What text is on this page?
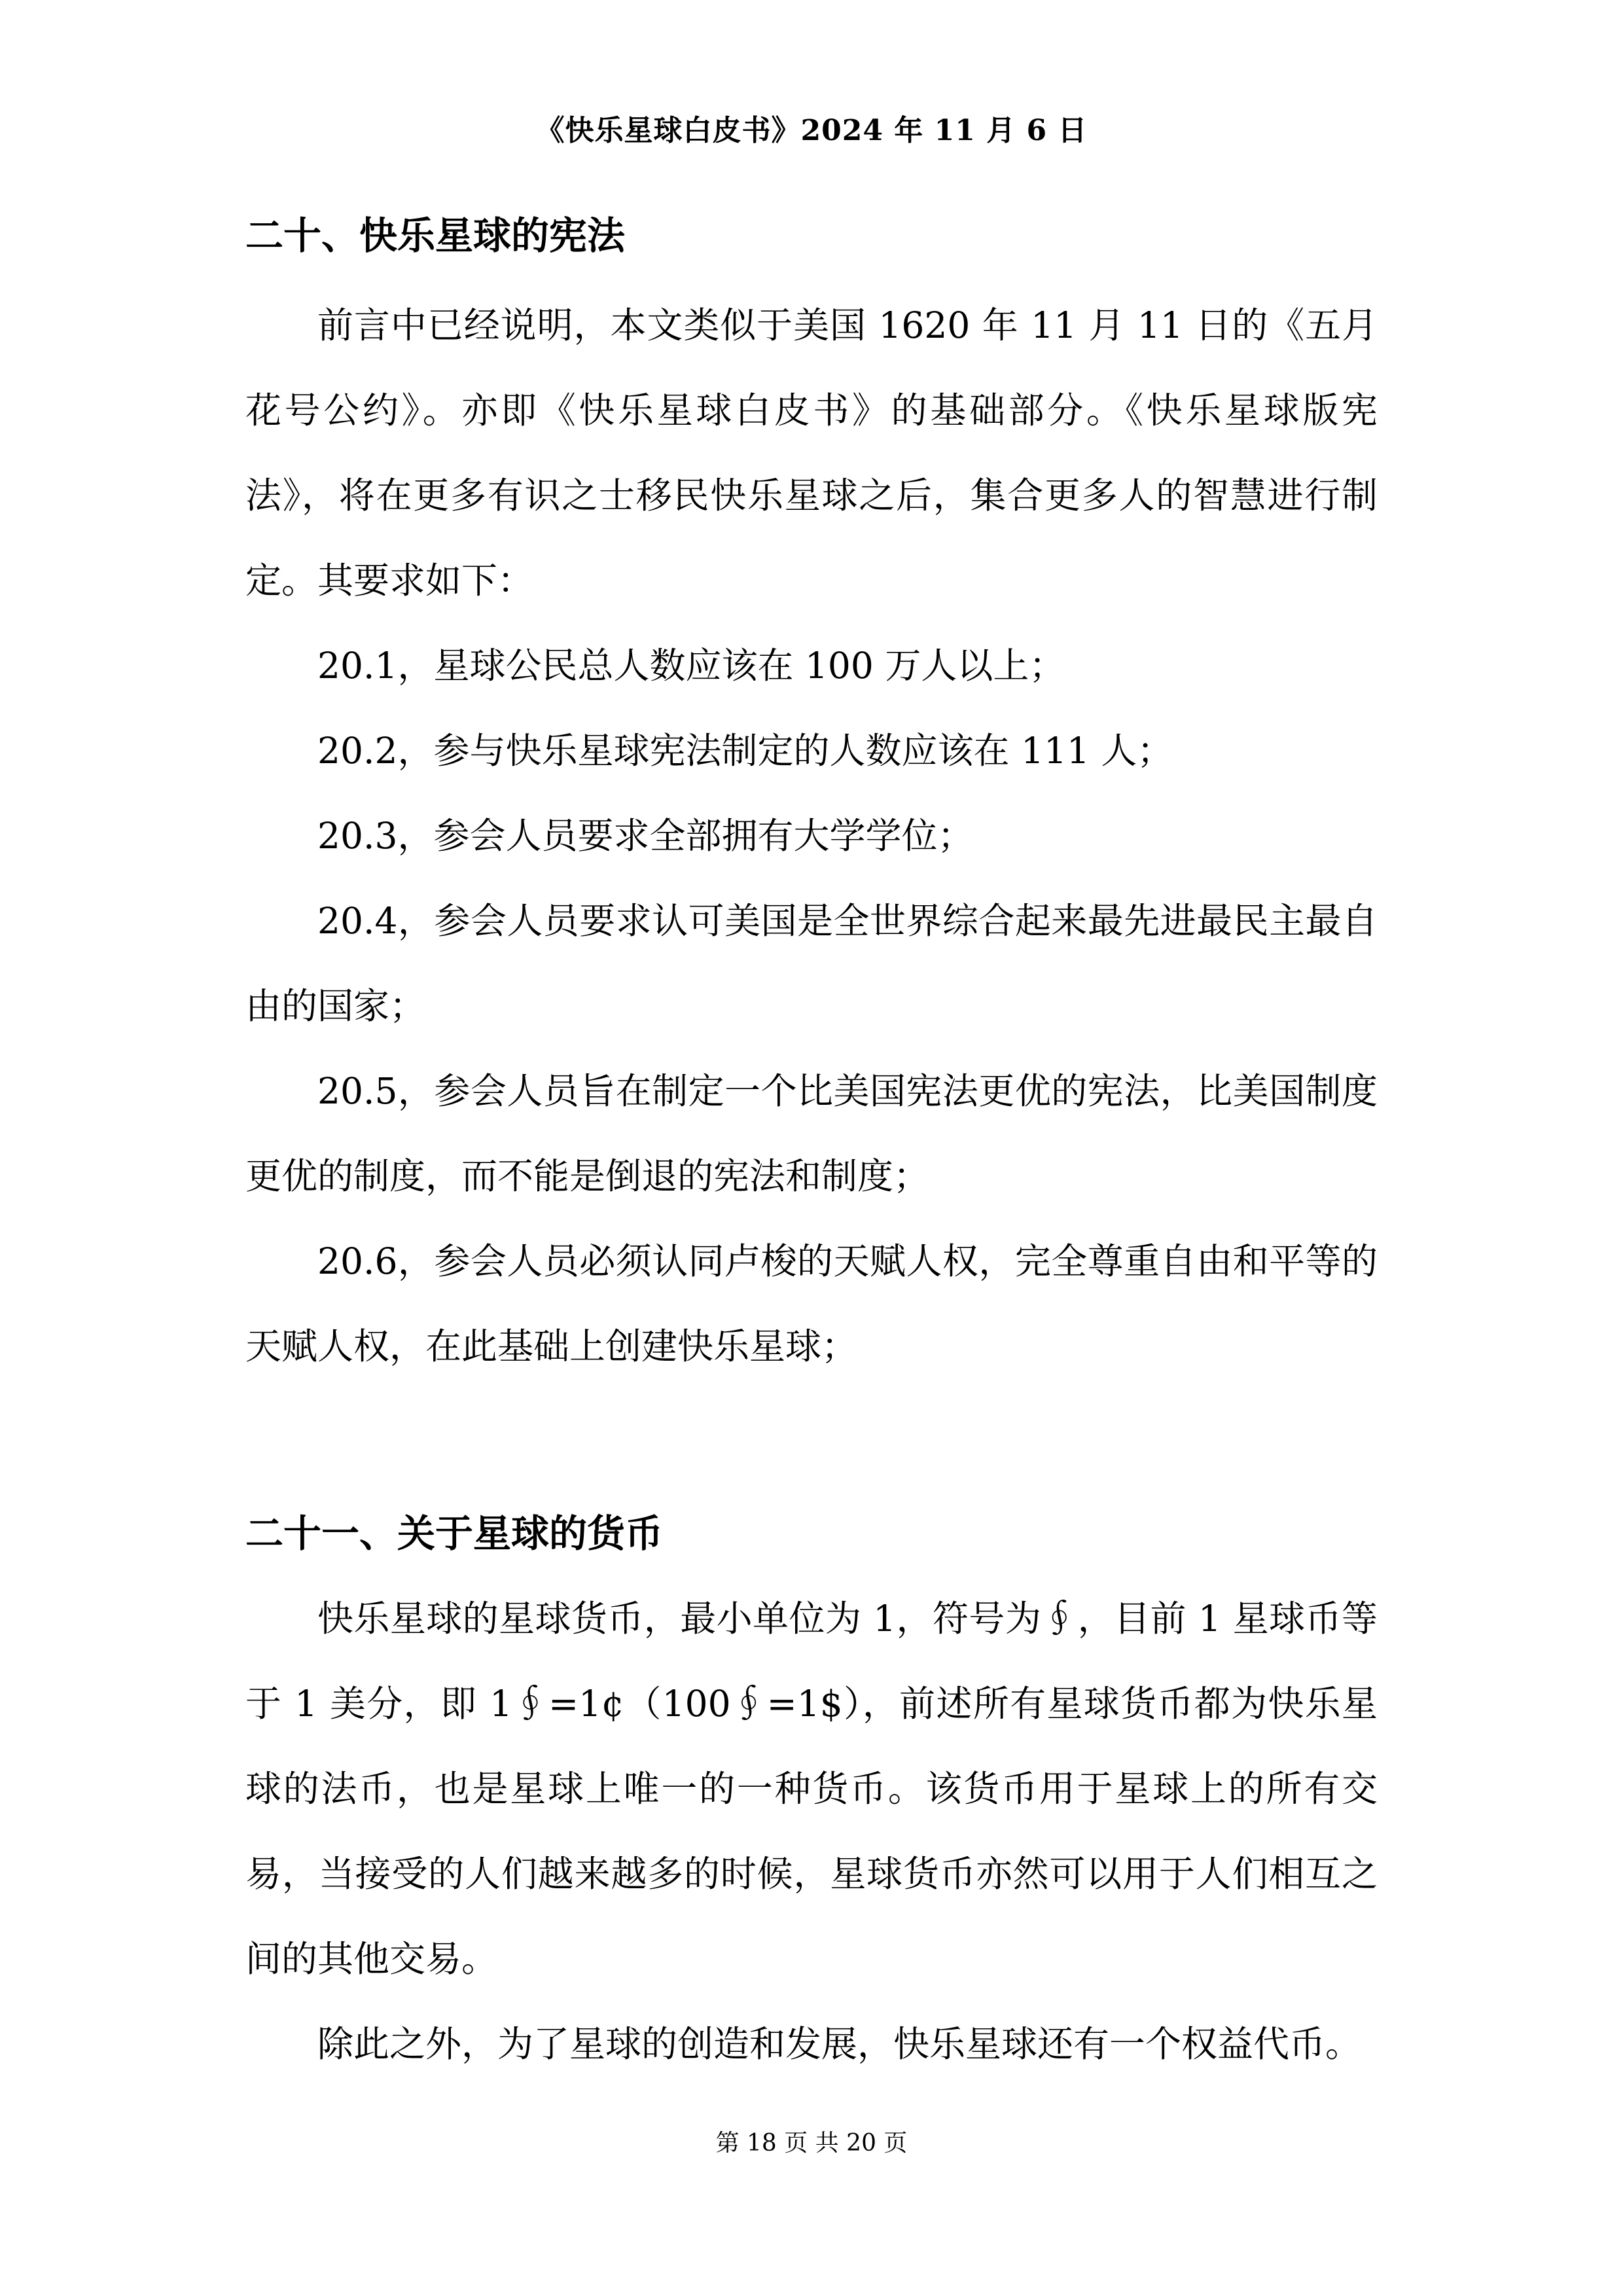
《快乐星球白皮书》2024 年 11 月 6 日
二十、快乐星球的宪法

前言中已经说明，本文类似于美国 1620 年 11 月 11 日的《五月花号公约》。亦即《快乐星球白皮书》的基础部分。《快乐星球版宪法》，将在更多有识之士移民快乐星球之后，集合更多人的智慧进行制定。其要求如下：

20.1，星球公民总人数应该在 100 万人以上；

20.2，参与快乐星球宪法制定的人数应该在 111 人；

20.3，参会人员要求全部拥有大学学位；

20.4，参会人员要求认可美国是全世界综合起来最先进最民主最自由的国家；

20.5，参会人员旨在制定一个比美国宪法更优的宪法，比美国制度更优的制度，而不能是倒退的宪法和制度；

20.6，参会人员必须认同卢梭的天赋人权，完全尊重自由和平等的天赋人权，在此基础上创建快乐星球；

二十一、关于星球的货币

快乐星球的星球货币，最小单位为 1，符号为∮，目前 1 星球币等于 1 美分，即 1∮=1¢（100∮=1$），前述所有星球货币都为快乐星球的法币，也是星球上唯一的一种货币。该货币用于星球上的所有交易，当接受的人们越来越多的时候，星球货币亦然可以用于人们相互之间的其他交易。

除此之外，为了星球的创造和发展，快乐星球还有一个权益代币。

第 18 页 共 20 页
